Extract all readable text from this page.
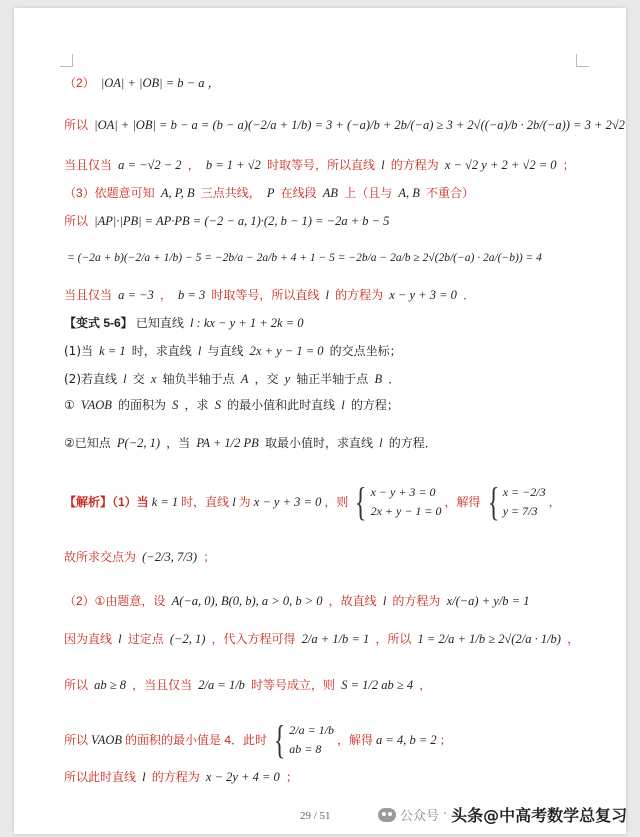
（2） |OA| + |OB| = b − a ，
所以 |OA| + |OB| = b − a = (b − a)(−2/a + 1/b) = 3 + (−a)/b + 2b/(−a) ≥ 3 + 2√((−a)/b · 2b/(−a)) = 3 + 2√2
当且仅当 a = −√2 − 2 ， b = 1 + √2 时取等号，所以直线 l 的方程为 x − √2 y + 2 + √2 = 0 ；
（3）依题意可知 A, P, B 三点共线， P 在线段 AB 上（且与 A, B 不重合）
所以 |AP|·|PB| = AP·PB = (−2 − a, 1)·(2, b − 1) = −2a + b − 5
= (−2a + b)(−2/a + 1/b) − 5 = −2b/a − 2a/b + 4 + 1 − 5 = −2b/a − 2a/b ≥ 2√(2b/(−a) · 2a/(−b)) = 4
当且仅当 a = −3 ， b = 3 时取等号，所以直线 l 的方程为 x − y + 3 = 0 ．
【变式 5-6】 已知直线 l : kx − y + 1 + 2k = 0
(1)当 k = 1 时，求直线 l 与直线 2x + y − 1 = 0 的交点坐标；
(2)若直线 l 交 x 轴负半轴于点 A ，交 y 轴正半轴于点 B ．
① VAOB 的面积为 S ，求 S 的最小值和此时直线 l 的方程；
②已知点 P(−2, 1) ，当 PA + 1/2 PB 取最小值时，求直线 l 的方程．
【解析】（1）当 k = 1 时，直线 l 为 x − y + 3 = 0 ，则 { x − y + 3 = 0
2x + y − 1 = 0
，解得 { x = −2/3
y = 7/3
，
故所求交点为 (−2/3, 7/3) ；
（2）①由题意，设 A(−a, 0), B(0, b), a > 0, b > 0 ，故直线 l 的方程为 x/(−a) + y/b = 1
因为直线 l 过定点 (−2, 1) ，代入方程可得 2/a + 1/b = 1 ，所以 1 = 2/a + 1/b ≥ 2√(2/a · 1/b) ，
所以 ab ≥ 8 ，当且仅当 2/a = 1/b 时等号成立，则 S = 1/2 ab ≥ 4 ，
所以 VAOB 的面积的最小值是 4．此时 { 2/a = 1/b
ab = 8
，解得 a = 4, b = 2 ；
所以此时直线 l 的方程为 x − 2y + 4 = 0 ；
29 / 51	公众号 · 头条@中高考数学总复习
